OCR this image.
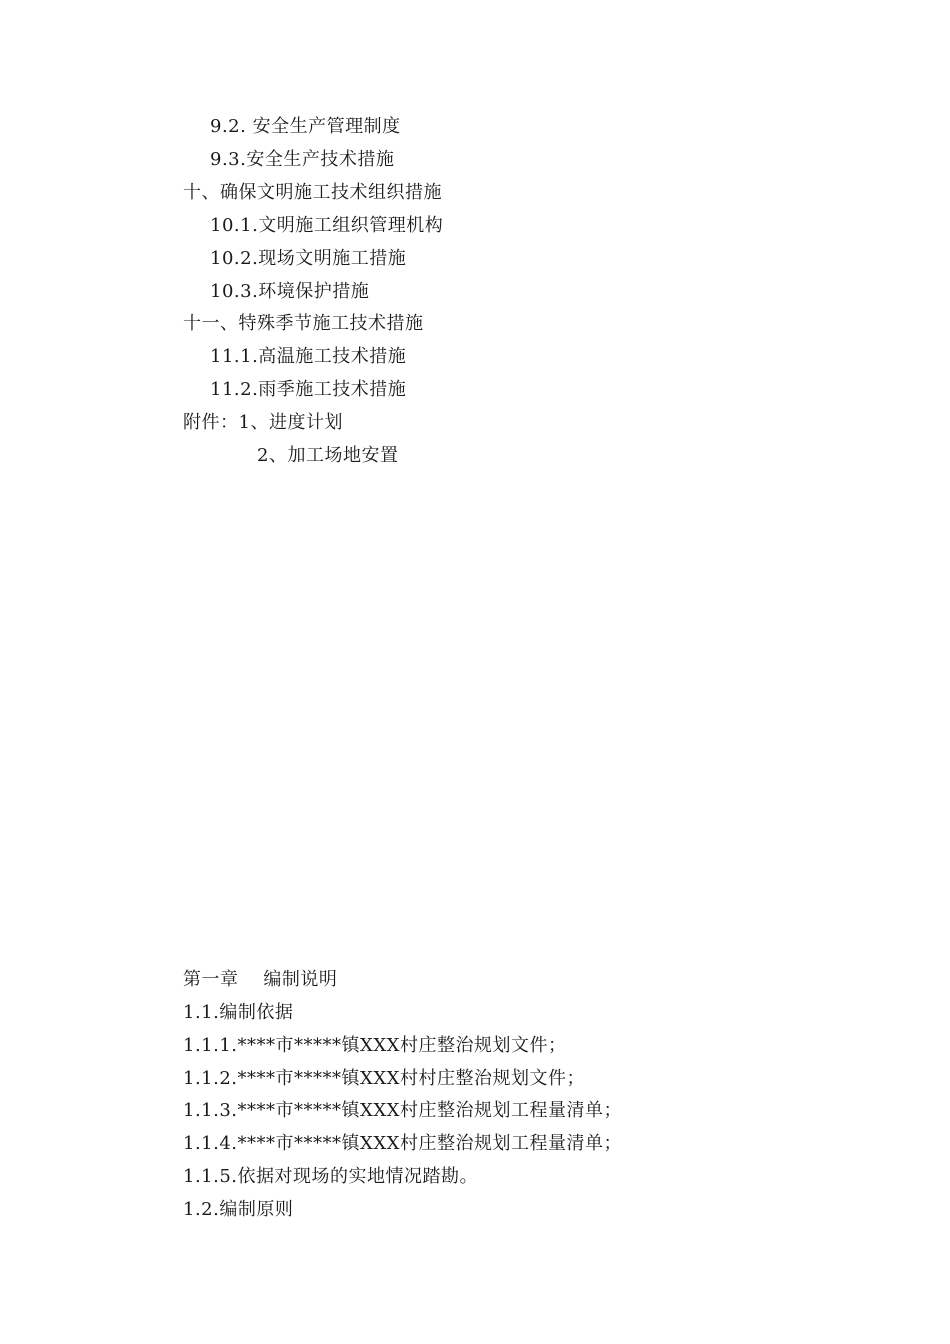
9.2. 安全生产管理制度
9.3.安全生产技术措施
十、确保文明施工技术组织措施
10.1.文明施工组织管理机构
10.2.现场文明施工措施
10.3.环境保护措施
十一、特殊季节施工技术措施
11.1.高温施工技术措施
11.2.雨季施工技术措施
附件：1、进度计划
2、加工场地安置
第一章    编制说明
1.1.编制依据
1.1.1.****市*****镇XXX村庄整治规划文件；
1.1.2.****市*****镇XXX村村庄整治规划文件；
1.1.3.****市*****镇XXX村庄整治规划工程量清单；
1.1.4.****市*****镇XXX村庄整治规划工程量清单；
1.1.5.依据对现场的实地情况踏勘。
1.2.编制原则
